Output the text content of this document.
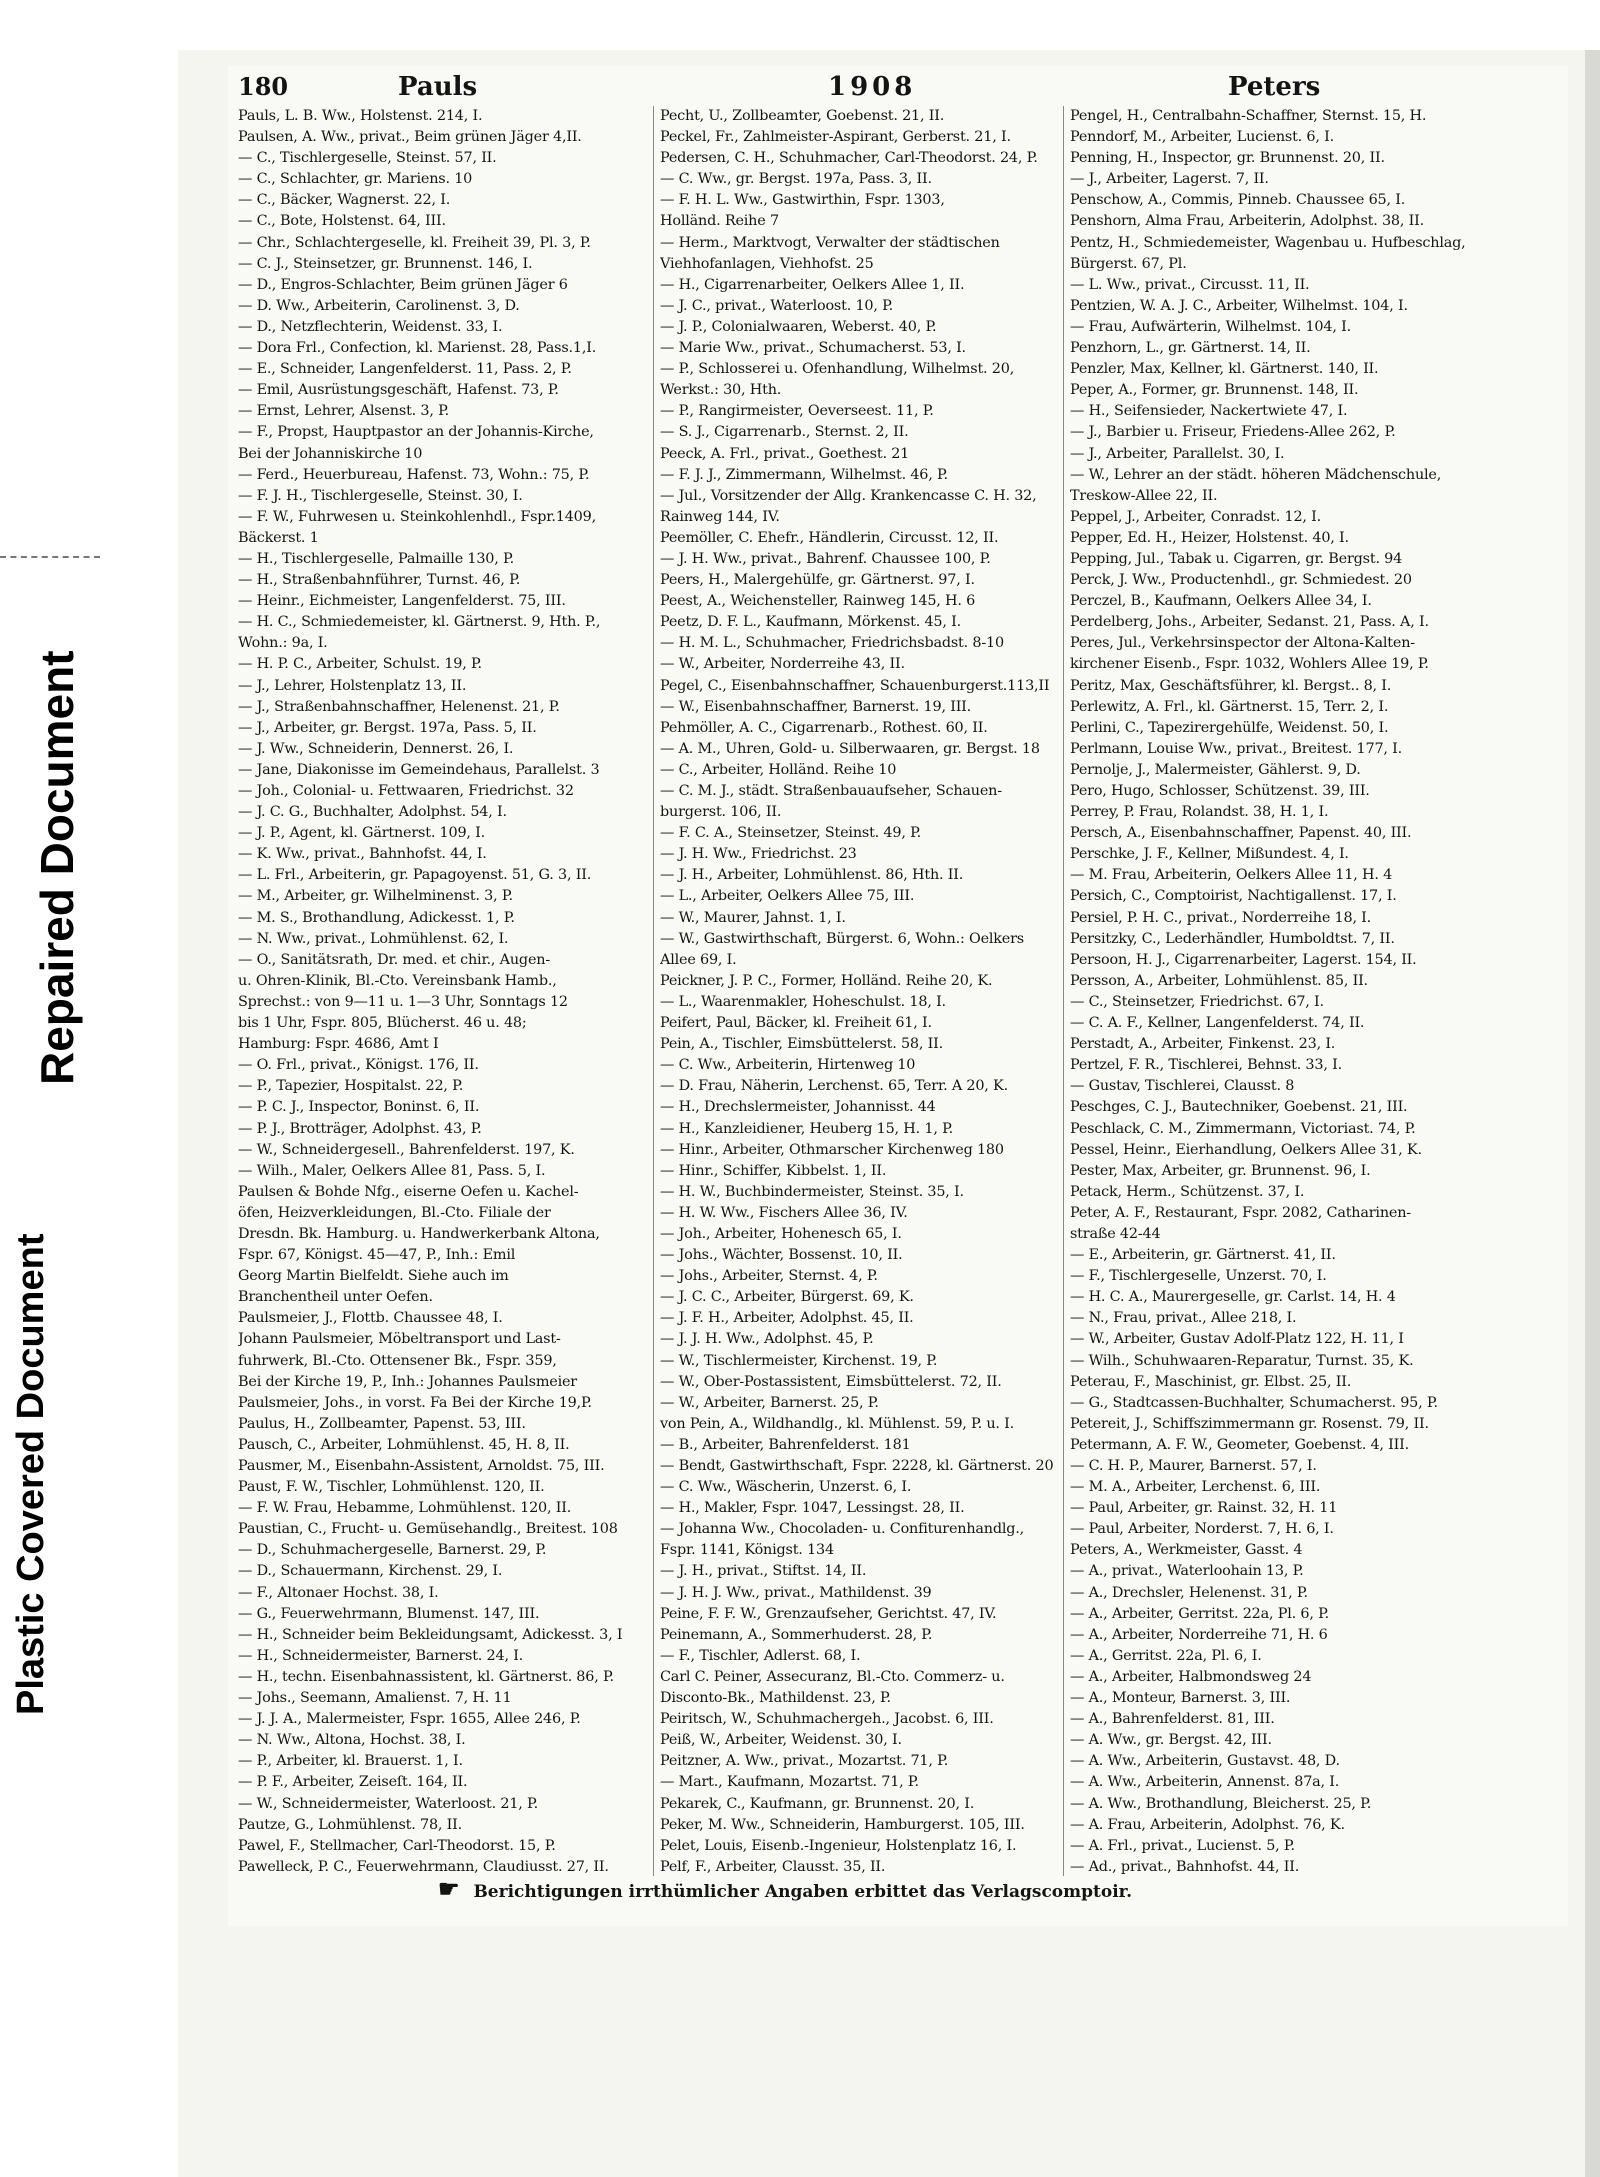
Repaired Document
Plastic Covered Document
180	Pauls	1908	Peters
Pauls, L. B. Ww., Holstenst. 214, I.
Paulsen, A. Ww., privat., Beim grünen Jäger 4,II.
— C., Tischlergeselle, Steinst. 57, II.
— C., Schlachter, gr. Mariens. 10
— C., Bäcker, Wagnerst. 22, I.
— C., Bote, Holstenst. 64, III.
— Chr., Schlachtergeselle, kl. Freiheit 39, Pl. 3, P.
— C. J., Steinsetzer, gr. Brunnenst. 146, I.
— D., Engros-Schlachter, Beim grünen Jäger 6
— D. Ww., Arbeiterin, Carolinenst. 3, D.
— D., Netzflechterin, Weidenst. 33, I.
— Dora Frl., Confection, kl. Marienst. 28, Pass.1,I.
— E., Schneider, Langenfelderst. 11, Pass. 2, P.
— Emil, Ausrüstungsgeschäft, Hafenst. 73, P.
— Ernst, Lehrer, Alsenst. 3, P.
— F., Propst, Hauptpastor an der Johannis-Kirche,
Bei der Johanniskirche 10
— Ferd., Heuerbureau, Hafenst. 73, Wohn.: 75, P.
— F. J. H., Tischlergeselle, Steinst. 30, I.
— F. W., Fuhrwesen u. Steinkohlenhdl., Fspr.1409,
Bäckerst. 1
— H., Tischlergeselle, Palmaille 130, P.
— H., Straßenbahnführer, Turnst. 46, P.
— Heinr., Eichmeister, Langenfelderst. 75, III.
— H. C., Schmiedemeister, kl. Gärtnerst. 9, Hth. P.,
Wohn.: 9a, I.
— H. P. C., Arbeiter, Schulst. 19, P.
— J., Lehrer, Holstenplatz 13, II.
— J., Straßenbahnschaffner, Helenenst. 21, P.
— J., Arbeiter, gr. Bergst. 197a, Pass. 5, II.
— J. Ww., Schneiderin, Dennerst. 26, I.
— Jane, Diakonisse im Gemeindehaus, Parallelst. 3
— Joh., Colonial- u. Fettwaaren, Friedrichst. 32
— J. C. G., Buchhalter, Adolphst. 54, I.
— J. P., Agent, kl. Gärtnerst. 109, I.
— K. Ww., privat., Bahnhofst. 44, I.
— L. Frl., Arbeiterin, gr. Papagoyenst. 51, G. 3, II.
— M., Arbeiter, gr. Wilhelminenst. 3, P.
— M. S., Brothandlung, Adickesst. 1, P.
— N. Ww., privat., Lohmühlenst. 62, I.
— O., Sanitätsrath, Dr. med. et chir., Augen-
u. Ohren-Klinik, Bl.-Cto. Vereinsbank Hamb.,
Sprechst.: von 9—11 u. 1—3 Uhr, Sonntags 12
bis 1 Uhr, Fspr. 805, Blücherst. 46 u. 48;
Hamburg: Fspr. 4686, Amt I
— O. Frl., privat., Königst. 176, II.
— P., Tapezier, Hospitalst. 22, P.
— P. C. J., Inspector, Boninst. 6, II.
— P. J., Brotträger, Adolphst. 43, P.
— W., Schneidergesell., Bahrenfelderst. 197, K.
— Wilh., Maler, Oelkers Allee 81, Pass. 5, I.
Paulsen & Bohde Nfg., eiserne Oefen u. Kachel-
öfen, Heizverkleidungen, Bl.-Cto. Filiale der
Dresdn. Bk. Hamburg. u. Handwerkerbank Altona,
Fspr. 67, Königst. 45—47, P., Inh.: Emil
Georg Martin Bielfeldt. Siehe auch im
Branchentheil unter Oefen.
Paulsmeier, J., Flottb. Chaussee 48, I.
Johann Paulsmeier, Möbeltransport und Last-
fuhrwerk, Bl.-Cto. Ottensener Bk., Fspr. 359,
Bei der Kirche 19, P., Inh.: Johannes Paulsmeier
Paulsmeier, Johs., in vorst. Fa Bei der Kirche 19,P.
Paulus, H., Zollbeamter, Papenst. 53, III.
Pausch, C., Arbeiter, Lohmühlenst. 45, H. 8, II.
Pausmer, M., Eisenbahn-Assistent, Arnoldst. 75, III.
Paust, F. W., Tischler, Lohmühlenst. 120, II.
— F. W. Frau, Hebamme, Lohmühlenst. 120, II.
Paustian, C., Frucht- u. Gemüsehandlg., Breitest. 108
— D., Schuhmachergeselle, Barnerst. 29, P.
— D., Schauermann, Kirchenst. 29, I.
— F., Altonaer Hochst. 38, I.
— G., Feuerwehrmann, Blumenst. 147, III.
— H., Schneider beim Bekleidungsamt, Adickesst. 3, I
— H., Schneidermeister, Barnerst. 24, I.
— H., techn. Eisenbahnassistent, kl. Gärtnerst. 86, P.
— Johs., Seemann, Amalienst. 7, H. 11
— J. J. A., Malermeister, Fspr. 1655, Allee 246, P.
— N. Ww., Altona, Hochst. 38, I.
— P., Arbeiter, kl. Brauerst. 1, I.
— P. F., Arbeiter, Zeiseſt. 164, II.
— W., Schneidermeister, Waterloost. 21, P.
Pautze, G., Lohmühlenst. 78, II.
Pawel, F., Stellmacher, Carl-Theodorst. 15, P.
Pawelleck, P. C., Feuerwehrmann, Claudiusst. 27, II.
Pecht, U., Zollbeamter, Goebenst. 21, II.
Peckel, Fr., Zahlmeister-Aspirant, Gerberst. 21, I.
Pedersen, C. H., Schuhmacher, Carl-Theodorst. 24, P.
— C. Ww., gr. Bergst. 197a, Pass. 3, II.
— F. H. L. Ww., Gastwirthin, Fspr. 1303,
Holländ. Reihe 7
— Herm., Marktvogt, Verwalter der städtischen
Viehhofanlagen, Viehhofst. 25
— H., Cigarrenarbeiter, Oelkers Allee 1, II.
— J. C., privat., Waterloost. 10, P.
— J. P., Colonialwaaren, Weberst. 40, P.
— Marie Ww., privat., Schumacherst. 53, I.
— P., Schlosserei u. Ofenhandlung, Wilhelmst. 20,
Werkst.: 30, Hth.
— P., Rangirmeister, Oeverseest. 11, P.
— S. J., Cigarrenarb., Sternst. 2, II.
Peeck, A. Frl., privat., Goethest. 21
— F. J. J., Zimmermann, Wilhelmst. 46, P.
— Jul., Vorsitzender der Allg. Krankencasse C. H. 32,
Rainweg 144, IV.
Peemöller, C. Ehefr., Händlerin, Circusst. 12, II.
— J. H. Ww., privat., Bahrenf. Chaussee 100, P.
Peers, H., Malergehülfe, gr. Gärtnerst. 97, I.
Peest, A., Weichensteller, Rainweg 145, H. 6
Peetz, D. F. L., Kaufmann, Mörkenst. 45, I.
— H. M. L., Schuhmacher, Friedrichsbadst. 8-10
— W., Arbeiter, Norderreihe 43, II.
Pegel, C., Eisenbahnschaffner, Schauenburgerst.113,II
— W., Eisenbahnschaffner, Barnerst. 19, III.
Pehmöller, A. C., Cigarrenarb., Rothest. 60, II.
— A. M., Uhren, Gold- u. Silberwaaren, gr. Bergst. 18
— C., Arbeiter, Holländ. Reihe 10
— C. M. J., städt. Straßenbauaufseher, Schauen-
burgerst. 106, II.
— F. C. A., Steinsetzer, Steinst. 49, P.
— J. H. Ww., Friedrichst. 23
— J. H., Arbeiter, Lohmühlenst. 86, Hth. II.
— L., Arbeiter, Oelkers Allee 75, III.
— W., Maurer, Jahnst. 1, I.
— W., Gastwirthschaft, Bürgerst. 6, Wohn.: Oelkers
Allee 69, I.
Peickner, J. P. C., Former, Holländ. Reihe 20, K.
— L., Waarenmakler, Hoheschulst. 18, I.
Peifert, Paul, Bäcker, kl. Freiheit 61, I.
Pein, A., Tischler, Eimsbüttelerst. 58, II.
— C. Ww., Arbeiterin, Hirtenweg 10
— D. Frau, Näherin, Lerchenst. 65, Terr. A 20, K.
— H., Drechslermeister, Johannisst. 44
— H., Kanzleidiener, Heuberg 15, H. 1, P.
— Hinr., Arbeiter, Othmarscher Kirchenweg 180
— Hinr., Schiffer, Kibbelst. 1, II.
— H. W., Buchbindermeister, Steinst. 35, I.
— H. W. Ww., Fischers Allee 36, IV.
— Joh., Arbeiter, Hohenesch 65, I.
— Johs., Wächter, Bossenst. 10, II.
— Johs., Arbeiter, Sternst. 4, P.
— J. C. C., Arbeiter, Bürgerst. 69, K.
— J. F. H., Arbeiter, Adolphst. 45, II.
— J. J. H. Ww., Adolphst. 45, P.
— W., Tischlermeister, Kirchenst. 19, P.
— W., Ober-Postassistent, Eimsbüttelerst. 72, II.
— W., Arbeiter, Barnerst. 25, P.
von Pein, A., Wildhandlg., kl. Mühlenst. 59, P. u. I.
— B., Arbeiter, Bahrenfelderst. 181
— Bendt, Gastwirthschaft, Fspr. 2228, kl. Gärtnerst. 20
— C. Ww., Wäscherin, Unzerst. 6, I.
— H., Makler, Fspr. 1047, Lessingst. 28, II.
— Johanna Ww., Chocoladen- u. Confiturenhandlg.,
Fspr. 1141, Königst. 134
— J. H., privat., Stiftst. 14, II.
— J. H. J. Ww., privat., Mathildenst. 39
Peine, F. F. W., Grenzaufseher, Gerichtst. 47, IV.
Peinemann, A., Sommerhuderst. 28, P.
— F., Tischler, Adlerst. 68, I.
Carl C. Peiner, Assecuranz, Bl.-Cto. Commerz- u.
Disconto-Bk., Mathildenst. 23, P.
Peiritsch, W., Schuhmachergeh., Jacobst. 6, III.
Peiß, W., Arbeiter, Weidenst. 30, I.
Peitzner, A. Ww., privat., Mozartst. 71, P.
— Mart., Kaufmann, Mozartst. 71, P.
Pekarek, C., Kaufmann, gr. Brunnenst. 20, I.
Peker, M. Ww., Schneiderin, Hamburgerst. 105, III.
Pelet, Louis, Eisenb.-Ingenieur, Holstenplatz 16, I.
Pelf, F., Arbeiter, Clausst. 35, II.
Pengel, H., Centralbahn-Schaffner, Sternst. 15, H.
Penndorf, M., Arbeiter, Lucienst. 6, I.
Penning, H., Inspector, gr. Brunnenst. 20, II.
— J., Arbeiter, Lagerst. 7, II.
Penschow, A., Commis, Pinneb. Chaussee 65, I.
Penshorn, Alma Frau, Arbeiterin, Adolphst. 38, II.
Pentz, H., Schmiedemeister, Wagenbau u. Hufbeschlag,
Bürgerst. 67, Pl.
— L. Ww., privat., Circusst. 11, II.
Pentzien, W. A. J. C., Arbeiter, Wilhelmst. 104, I.
— Frau, Aufwärterin, Wilhelmst. 104, I.
Penzhorn, L., gr. Gärtnerst. 14, II.
Penzler, Max, Kellner, kl. Gärtnerst. 140, II.
Peper, A., Former, gr. Brunnenst. 148, II.
— H., Seifensieder, Nackertwiete 47, I.
— J., Barbier u. Friseur, Friedens-Allee 262, P.
— J., Arbeiter, Parallelst. 30, I.
— W., Lehrer an der städt. höheren Mädchenschule,
Treskow-Allee 22, II.
Peppel, J., Arbeiter, Conradst. 12, I.
Pepper, Ed. H., Heizer, Holstenst. 40, I.
Pepping, Jul., Tabak u. Cigarren, gr. Bergst. 94
Perck, J. Ww., Productenhdl., gr. Schmiedest. 20
Perczel, B., Kaufmann, Oelkers Allee 34, I.
Perdelberg, Johs., Arbeiter, Sedanst. 21, Pass. A, I.
Peres, Jul., Verkehrsinspector der Altona-Kalten-
kirchener Eisenb., Fspr. 1032, Wohlers Allee 19, P.
Peritz, Max, Geschäftsführer, kl. Bergst.. 8, I.
Perlewitz, A. Frl., kl. Gärtnerst. 15, Terr. 2, I.
Perlini, C., Tapezirergehülfe, Weidenst. 50, I.
Perlmann, Louise Ww., privat., Breitest. 177, I.
Pernolje, J., Malermeister, Gählerst. 9, D.
Pero, Hugo, Schlosser, Schützenst. 39, III.
Perrey, P. Frau, Rolandst. 38, H. 1, I.
Persch, A., Eisenbahnschaffner, Papenst. 40, III.
Perschke, J. F., Kellner, Mißundest. 4, I.
— M. Frau, Arbeiterin, Oelkers Allee 11, H. 4
Persich, C., Comptoirist, Nachtigallenst. 17, I.
Persiel, P. H. C., privat., Norderreihe 18, I.
Persitzky, C., Lederhändler, Humboldtst. 7, II.
Persoon, H. J., Cigarrenarbeiter, Lagerst. 154, II.
Persson, A., Arbeiter, Lohmühlenst. 85, II.
— C., Steinsetzer, Friedrichst. 67, I.
— C. A. F., Kellner, Langenfelderst. 74, II.
Perstadt, A., Arbeiter, Finkenst. 23, I.
Pertzel, F. R., Tischlerei, Behnst. 33, I.
— Gustav, Tischlerei, Clausst. 8
Peschges, C. J., Bautechniker, Goebenst. 21, III.
Peschlack, C. M., Zimmermann, Victoriast. 74, P.
Pessel, Heinr., Eierhandlung, Oelkers Allee 31, K.
Pester, Max, Arbeiter, gr. Brunnenst. 96, I.
Petack, Herm., Schützenst. 37, I.
Peter, A. F., Restaurant, Fspr. 2082, Catharinen-
straße 42-44
— E., Arbeiterin, gr. Gärtnerst. 41, II.
— F., Tischlergeselle, Unzerst. 70, I.
— H. C. A., Maurergeselle, gr. Carlst. 14, H. 4
— N., Frau, privat., Allee 218, I.
— W., Arbeiter, Gustav Adolf-Platz 122, H. 11, I
— Wilh., Schuhwaaren-Reparatur, Turnst. 35, K.
Peterau, F., Maschinist, gr. Elbst. 25, II.
— G., Stadtcassen-Buchhalter, Schumacherst. 95, P.
Petereit, J., Schiffszimmermann gr. Rosenst. 79, II.
Petermann, A. F. W., Geometer, Goebenst. 4, III.
— C. H. P., Maurer, Barnerst. 57, I.
— M. A., Arbeiter, Lerchenst. 6, III.
— Paul, Arbeiter, gr. Rainst. 32, H. 11
— Paul, Arbeiter, Norderst. 7, H. 6, I.
Peters, A., Werkmeister, Gasst. 4
— A., privat., Waterloohain 13, P.
— A., Drechsler, Helenenst. 31, P.
— A., Arbeiter, Gerritst. 22a, Pl. 6, P.
— A., Arbeiter, Norderreihe 71, H. 6
— A., Gerritst. 22a, Pl. 6, I.
— A., Arbeiter, Halbmondsweg 24
— A., Monteur, Barnerst. 3, III.
— A., Bahrenfelderst. 81, III.
— A. Ww., gr. Bergst. 42, III.
— A. Ww., Arbeiterin, Gustavst. 48, D.
— A. Ww., Arbeiterin, Annenst. 87a, I.
— A. Ww., Brothandlung, Bleicherst. 25, P.
— A. Frau, Arbeiterin, Adolphst. 76, K.
— A. Frl., privat., Lucienst. 5, P.
— Ad., privat., Bahnhofst. 44, II.
☛ Berichtigungen irrthümlicher Angaben erbittet das Verlagscomptoir.
